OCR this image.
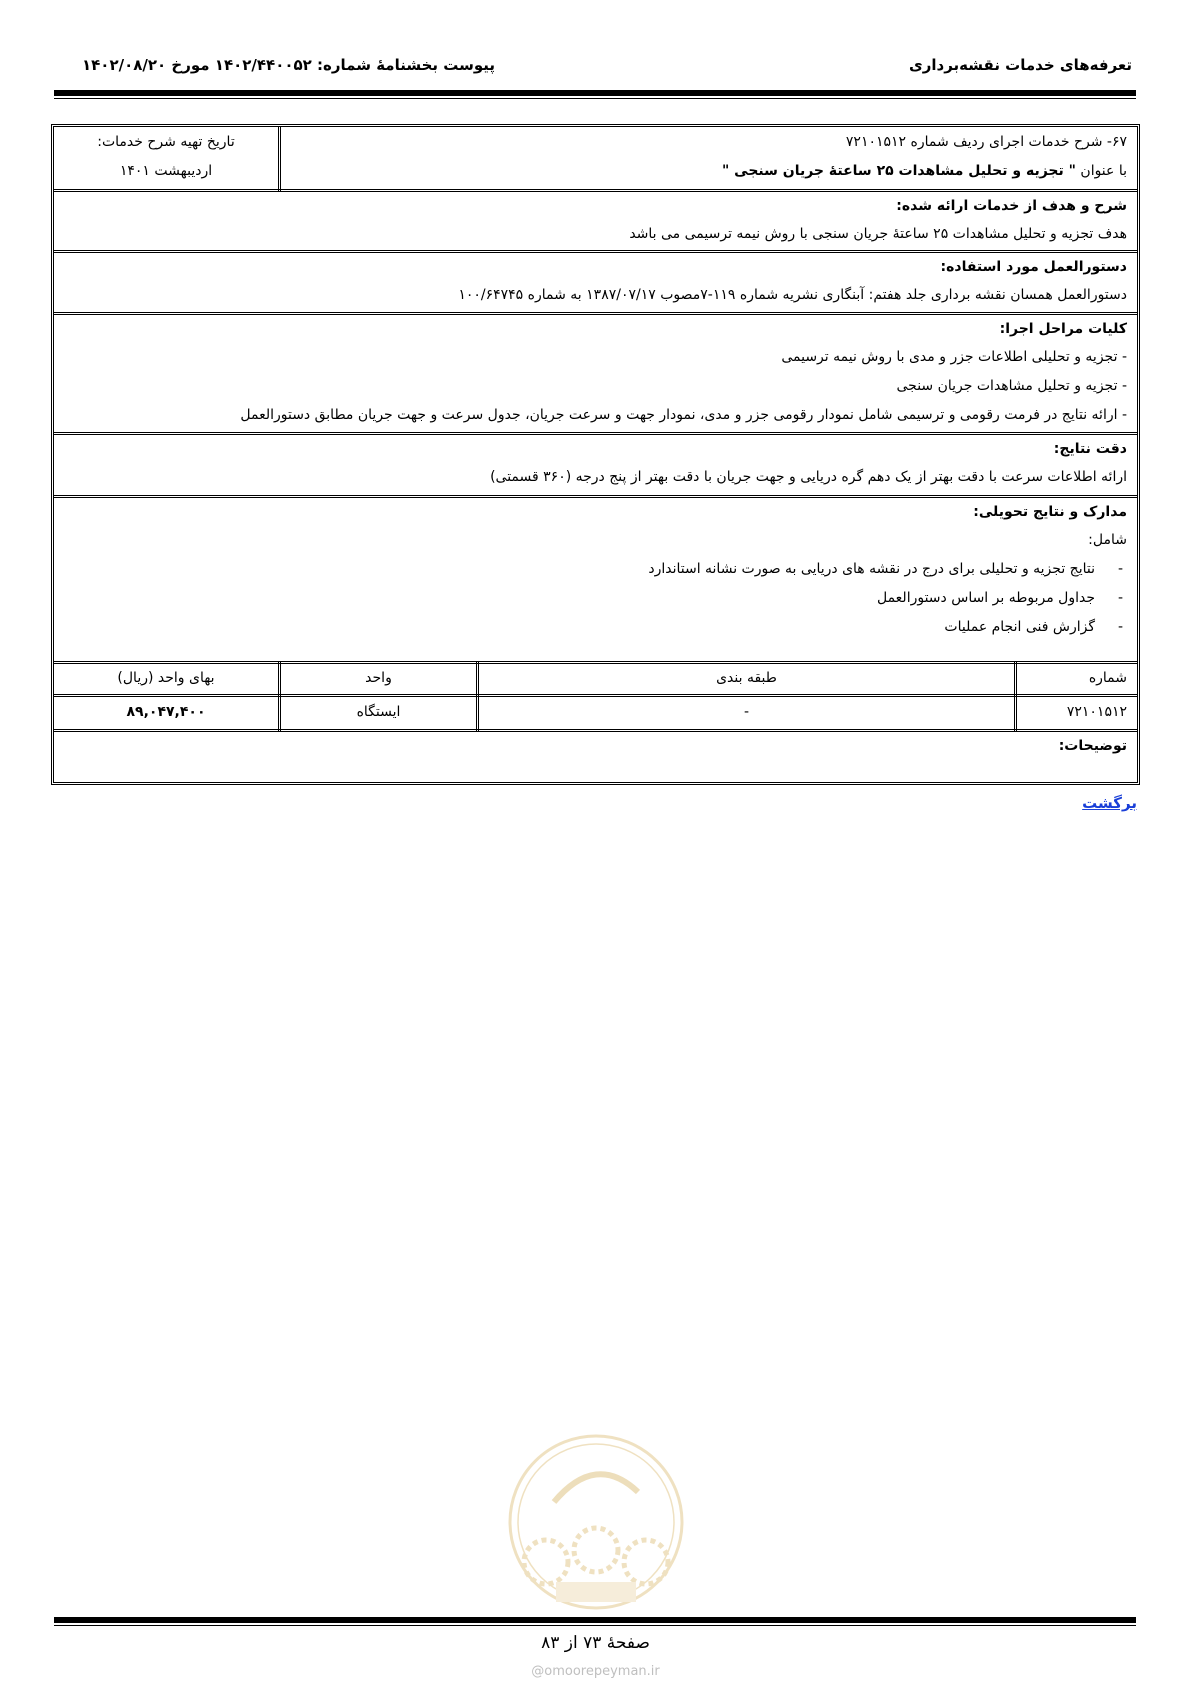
تعرفه‌های خدمات نقشه‌برداری
پیوست بخشنامهٔ شماره: ۱۴۰۲/۴۴۰۰۵۲ مورخ ۱۴۰۲/۰۸/۲۰
تاریخ تهیه شرح خدمات:
اردیبهشت ۱۴۰۱
۶۷- شرح خدمات اجرای ردیف شماره ۷۲۱۰۱۵۱۲
با عنوان " تجزیه و تحلیل مشاهدات ۲۵ ساعتهٔ جریان سنجی "
شرح و هدف از خدمات ارائه شده:
هدف تجزیه و تحلیل مشاهدات ۲۵ ساعتهٔ جریان سنجی با روش نیمه ترسیمی می باشد
دستورالعمل مورد استفاده:
دستورالعمل همسان نقشه برداری جلد هفتم: آبنگاری نشریه شماره ۱۱۹-۷مصوب ۱۳۸۷/۰۷/۱۷ به شماره ۱۰۰/۶۴۷۴۵
کلیات مراحل اجرا:
- تجزیه و تحلیلی اطلاعات جزر و مدی با روش نیمه ترسیمی
- تجزیه و تحلیل مشاهدات جریان سنجی
- ارائه نتایج در فرمت رقومی و ترسیمی شامل نمودار رقومی جزر و مدی، نمودار جهت و سرعت جریان، جدول سرعت و جهت جریان مطابق دستورالعمل
دقت نتایج:
ارائه اطلاعات سرعت با دقت بهتر از یک دهم گره دریایی و جهت جریان با دقت بهتر از پنج درجه (۳۶۰ قسمتی)
مدارک و نتایج تحویلی:
شامل:
-
نتایج تجزیه و تحلیلی برای درج در نقشه های دریایی به صورت نشانه استاندارد
-
جداول مربوطه بر اساس دستورالعمل
-
گزارش فنی انجام عملیات
شماره
طبقه بندی
واحد
بهای واحد (ریال)
۷۲۱۰۱۵۱۲
-
ایستگاه
۸۹,۰۴۷,۴۰۰
توضیحات:
برگشت
صفحهٔ ۷۳ از ۸۳
@omoorepeyman.ir
